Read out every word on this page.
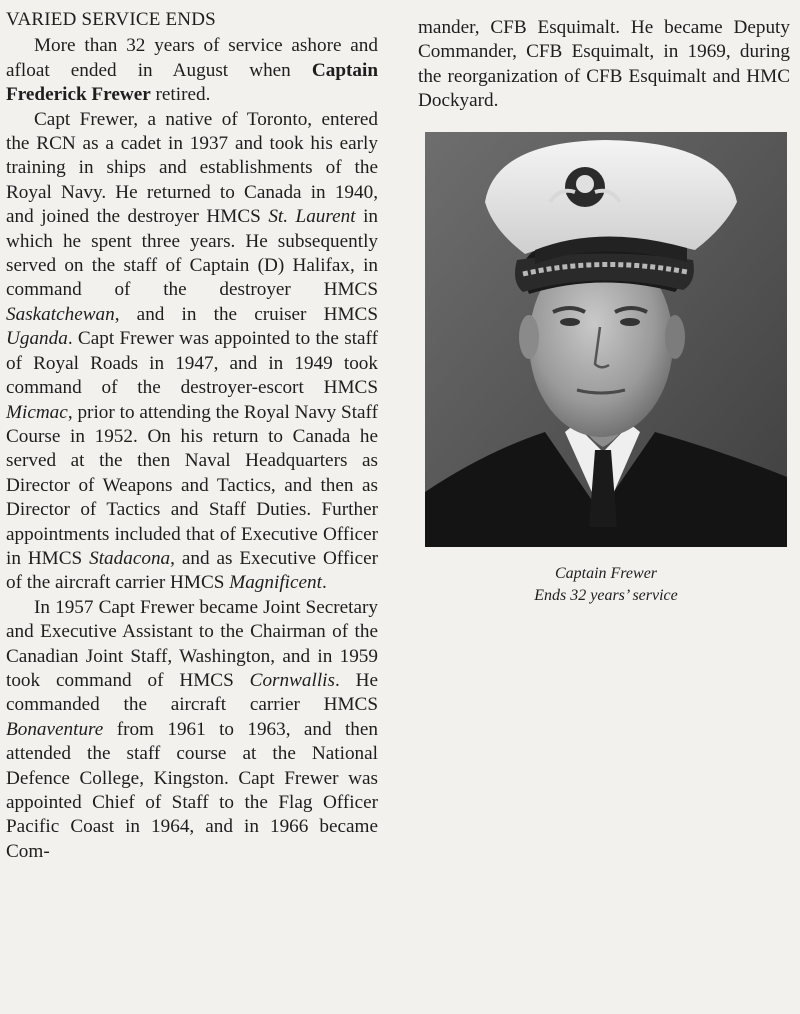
VARIED SERVICE ENDS

More than 32 years of service ashore and afloat ended in August when Captain Frederick Frewer retired.

Capt Frewer, a native of Toronto, entered the RCN as a cadet in 1937 and took his early training in ships and establishments of the Royal Navy. He returned to Canada in 1940, and joined the destroyer HMCS St. Laurent in which he spent three years. He subsequently served on the staff of Captain (D) Halifax, in command of the destroyer HMCS Saskatchewan, and in the cruiser HMCS Uganda. Capt Frewer was appointed to the staff of Royal Roads in 1947, and in 1949 took command of the destroyer-escort HMCS Micmac, prior to attending the Royal Navy Staff Course in 1952. On his return to Canada he served at the then Naval Headquarters as Director of Weapons and Tactics, and then as Director of Tactics and Staff Duties. Further appointments included that of Executive Officer in HMCS Stadacona, and as Executive Officer of the aircraft carrier HMCS Magnificent.

In 1957 Capt Frewer became Joint Secretary and Executive Assistant to the Chairman of the Canadian Joint Staff, Washington, and in 1959 took command of HMCS Cornwallis. He commanded the aircraft carrier HMCS Bonaventure from 1961 to 1963, and then attended the staff course at the National Defence College, Kingston. Capt Frewer was appointed Chief of Staff to the Flag Officer Pacific Coast in 1964, and in 1966 became Com-

mander, CFB Esquimalt. He became Deputy Commander, CFB Esquimalt, in 1969, during the reorganization of CFB Esquimalt and HMC Dockyard.

Captain Frewer
Ends 32 years’ service
